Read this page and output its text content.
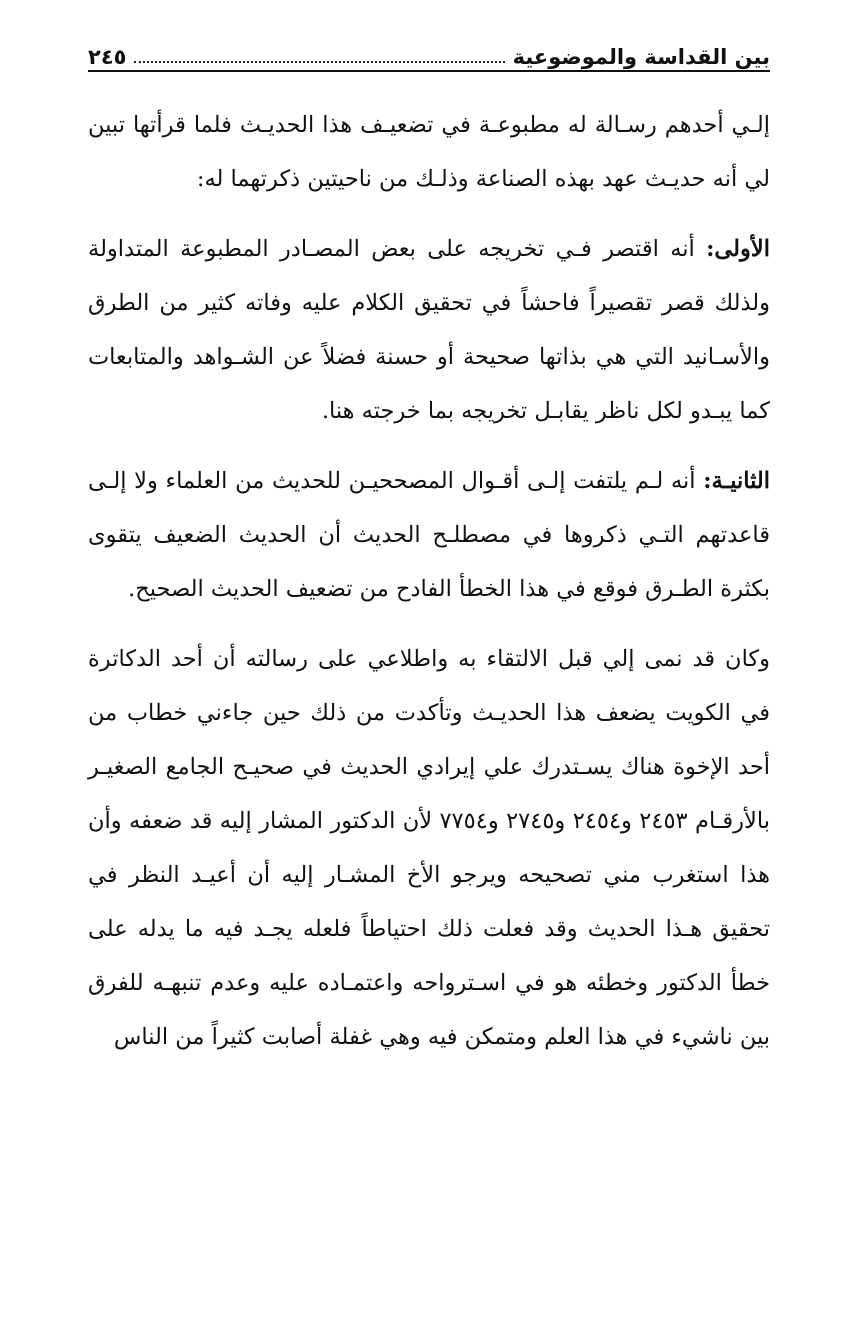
بين القداسة والموضوعية
٢٤٥

إلـي أحدهم رسـالة له مطبوعـة في تضعيـف هذا الحديـث فلما قرأتها تبين لي أنه حديـث عهد بهذه الصناعة وذلـك من ناحيتين ذكرتهما له:

الأولى: أنه اقتصر فـي تخريجه على بعض المصـادر المطبوعة المتداولة ولذلك قصر تقصيراً فاحشاً في تحقيق الكلام عليه وفاته كثير من الطرق والأسـانيد التي هي بذاتها صحيحة أو حسنة فضلاً عن الشـواهد والمتابعات كما يبـدو لكل ناظر يقابـل تخريجه بما خرجته هنا.

الثانيـة: أنه لـم يلتفت إلـى أقـوال المصححيـن للحديث من العلماء ولا إلـى قاعدتهم التـي ذكروها في مصطلـح الحديث أن الحديث الضعيف يتقوى بكثرة الطـرق فوقع في هذا الخطأ الفادح من تضعيف الحديث الصحيح.

وكان قد نمى إلي قبل الالتقاء به واطلاعي على رسالته أن أحد الدكاترة في الكويت يضعف هذا الحديـث وتأكدت من ذلك حين جاءني خطاب من أحد الإخوة هناك يسـتدرك علي إيرادي الحديث في صحيـح الجامع الصغيـر بالأرقـام ٢٤٥٣ و٢٤٥٤ و٢٧٤٥ و٧٧٥٤ لأن الدكتور المشار إليه قد ضعفه وأن هذا استغرب مني تصحيحه ويرجو الأخ المشـار إليه أن أعيـد النظر في تحقيق هـذا الحديث وقد فعلت ذلك احتياطاً فلعله يجـد فيه ما يدله على خطأ الدكتور وخطئه هو في اسـترواحه واعتمـاده عليه وعدم تنبهـه للفرق بين ناشيء في هذا العلم ومتمكن فيه وهي غفلة أصابت كثيراً من الناس
